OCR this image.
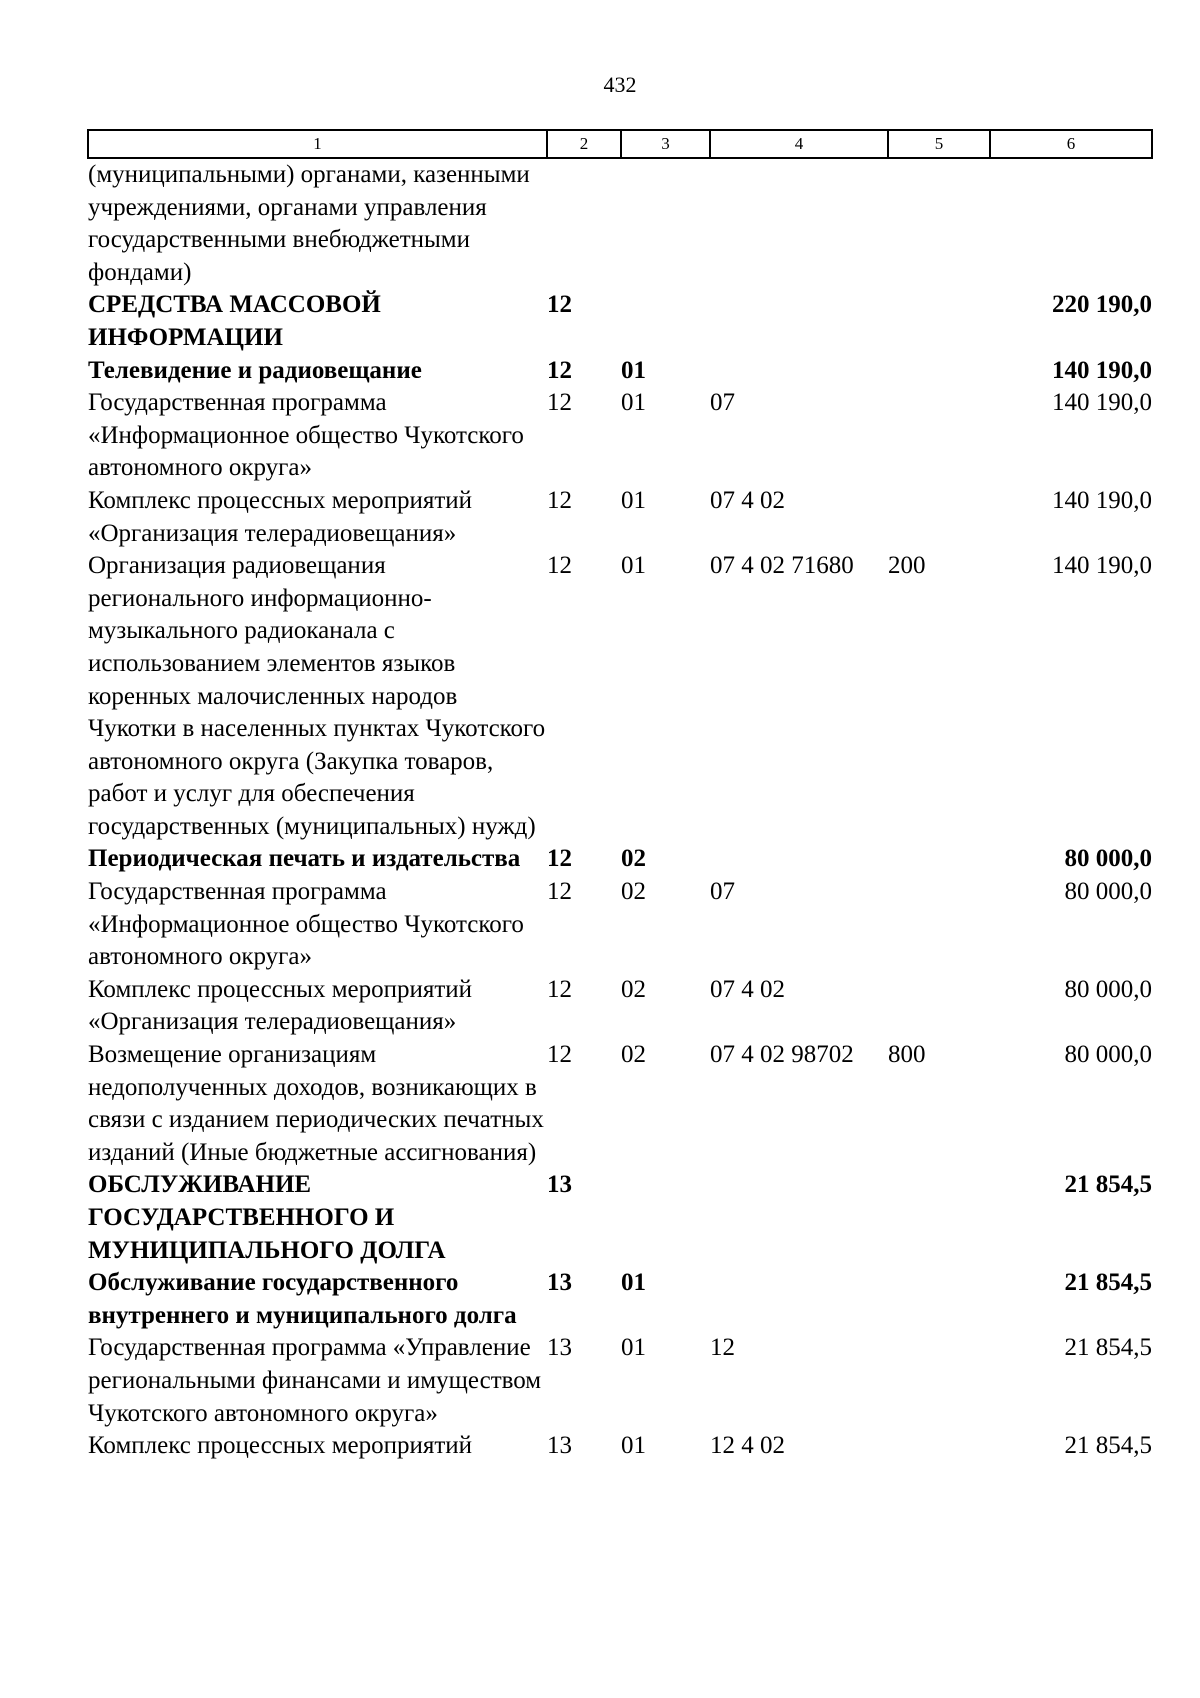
432
1	2	3	4	5	6
(муниципальными) органами, казенными учреждениями, органами управления государственными внебюджетными фондами)					
СРЕДСТВА МАССОВОЙ ИНФОРМАЦИИ	12				220 190,0
Телевидение и радиовещание	12	01			140 190,0
Государственная программа «Информационное общество Чукотского автономного округа»	12	01	07		140 190,0
Комплекс процессных мероприятий «Организация телерадиовещания»	12	01	07 4 02		140 190,0
Организация радиовещания регионального информационно-музыкального радиоканала с использованием элементов языков коренных малочисленных народов Чукотки в населенных пунктах Чукотского автономного округа (Закупка товаров, работ и услуг для обеспечения государственных (муниципальных) нужд)	12	01	07 4 02 71680	200	140 190,0
Периодическая печать и издательства	12	02			80 000,0
Государственная программа «Информационное общество Чукотского автономного округа»	12	02	07		80 000,0
Комплекс процессных мероприятий «Организация телерадиовещания»	12	02	07 4 02		80 000,0
Возмещение организациям недополученных доходов, возникающих в связи с изданием периодических печатных изданий (Иные бюджетные ассигнования)	12	02	07 4 02 98702	800	80 000,0
ОБСЛУЖИВАНИЕ ГОСУДАРСТВЕННОГО И МУНИЦИПАЛЬНОГО ДОЛГА	13				21 854,5
Обслуживание государственного внутреннего и муниципального долга	13	01			21 854,5
Государственная программа «Управление региональными финансами и имуществом Чукотского автономного округа»	13	01	12		21 854,5
Комплекс процессных мероприятий	13	01	12 4 02		21 854,5
